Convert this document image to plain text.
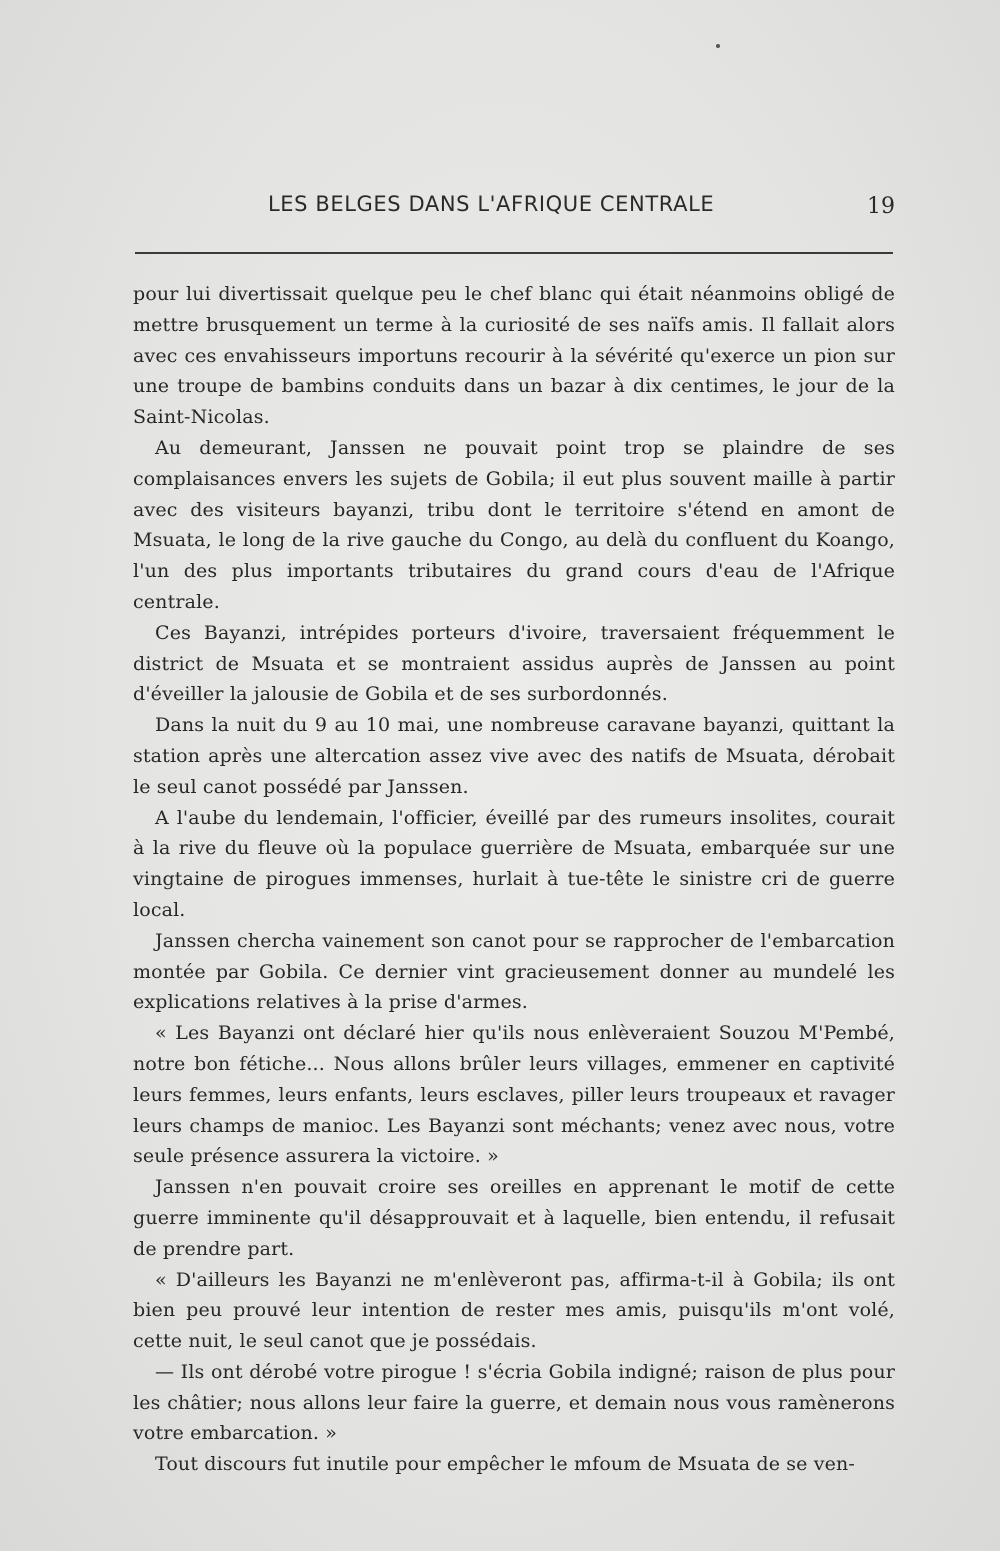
LES BELGES DANS L'AFRIQUE CENTRALE	19

pour lui divertissait quelque peu le chef blanc qui était néanmoins obligé de mettre brusquement un terme à la curiosité de ses naïfs amis. Il fallait alors avec ces envahisseurs importuns recourir à la sévérité qu'exerce un pion sur une troupe de bambins conduits dans un bazar à dix centimes, le jour de la Saint-Nicolas.

Au demeurant, Janssen ne pouvait point trop se plaindre de ses complaisances envers les sujets de Gobila; il eut plus souvent maille à partir avec des visiteurs bayanzi, tribu dont le territoire s'étend en amont de Msuata, le long de la rive gauche du Congo, au delà du confluent du Koango, l'un des plus importants tributaires du grand cours d'eau de l'Afrique centrale.

Ces Bayanzi, intrépides porteurs d'ivoire, traversaient fréquemment le district de Msuata et se montraient assidus auprès de Janssen au point d'éveiller la jalousie de Gobila et de ses surbordonnés.

Dans la nuit du 9 au 10 mai, une nombreuse caravane bayanzi, quittant la station après une altercation assez vive avec des natifs de Msuata, dérobait le seul canot possédé par Janssen.

A l'aube du lendemain, l'officier, éveillé par des rumeurs insolites, courait à la rive du fleuve où la populace guerrière de Msuata, embarquée sur une vingtaine de pirogues immenses, hurlait à tue-tête le sinistre cri de guerre local.

Janssen chercha vainement son canot pour se rapprocher de l'embarcation montée par Gobila. Ce dernier vint gracieusement donner au mundelé les explications relatives à la prise d'armes.

« Les Bayanzi ont déclaré hier qu'ils nous enlèveraient Souzou M'Pembé, notre bon fétiche... Nous allons brûler leurs villages, emmener en captivité leurs femmes, leurs enfants, leurs esclaves, piller leurs troupeaux et ravager leurs champs de manioc. Les Bayanzi sont méchants; venez avec nous, votre seule présence assurera la victoire. »

Janssen n'en pouvait croire ses oreilles en apprenant le motif de cette guerre imminente qu'il désapprouvait et à laquelle, bien entendu, il refusait de prendre part.

« D'ailleurs les Bayanzi ne m'enlèveront pas, affirma-t-il à Gobila; ils ont bien peu prouvé leur intention de rester mes amis, puisqu'ils m'ont volé, cette nuit, le seul canot que je possédais.

— Ils ont dérobé votre pirogue ! s'écria Gobila indigné; raison de plus pour les châtier; nous allons leur faire la guerre, et demain nous vous ramènerons votre embarcation. »

Tout discours fut inutile pour empêcher le mfoum de Msuata de se ven-
